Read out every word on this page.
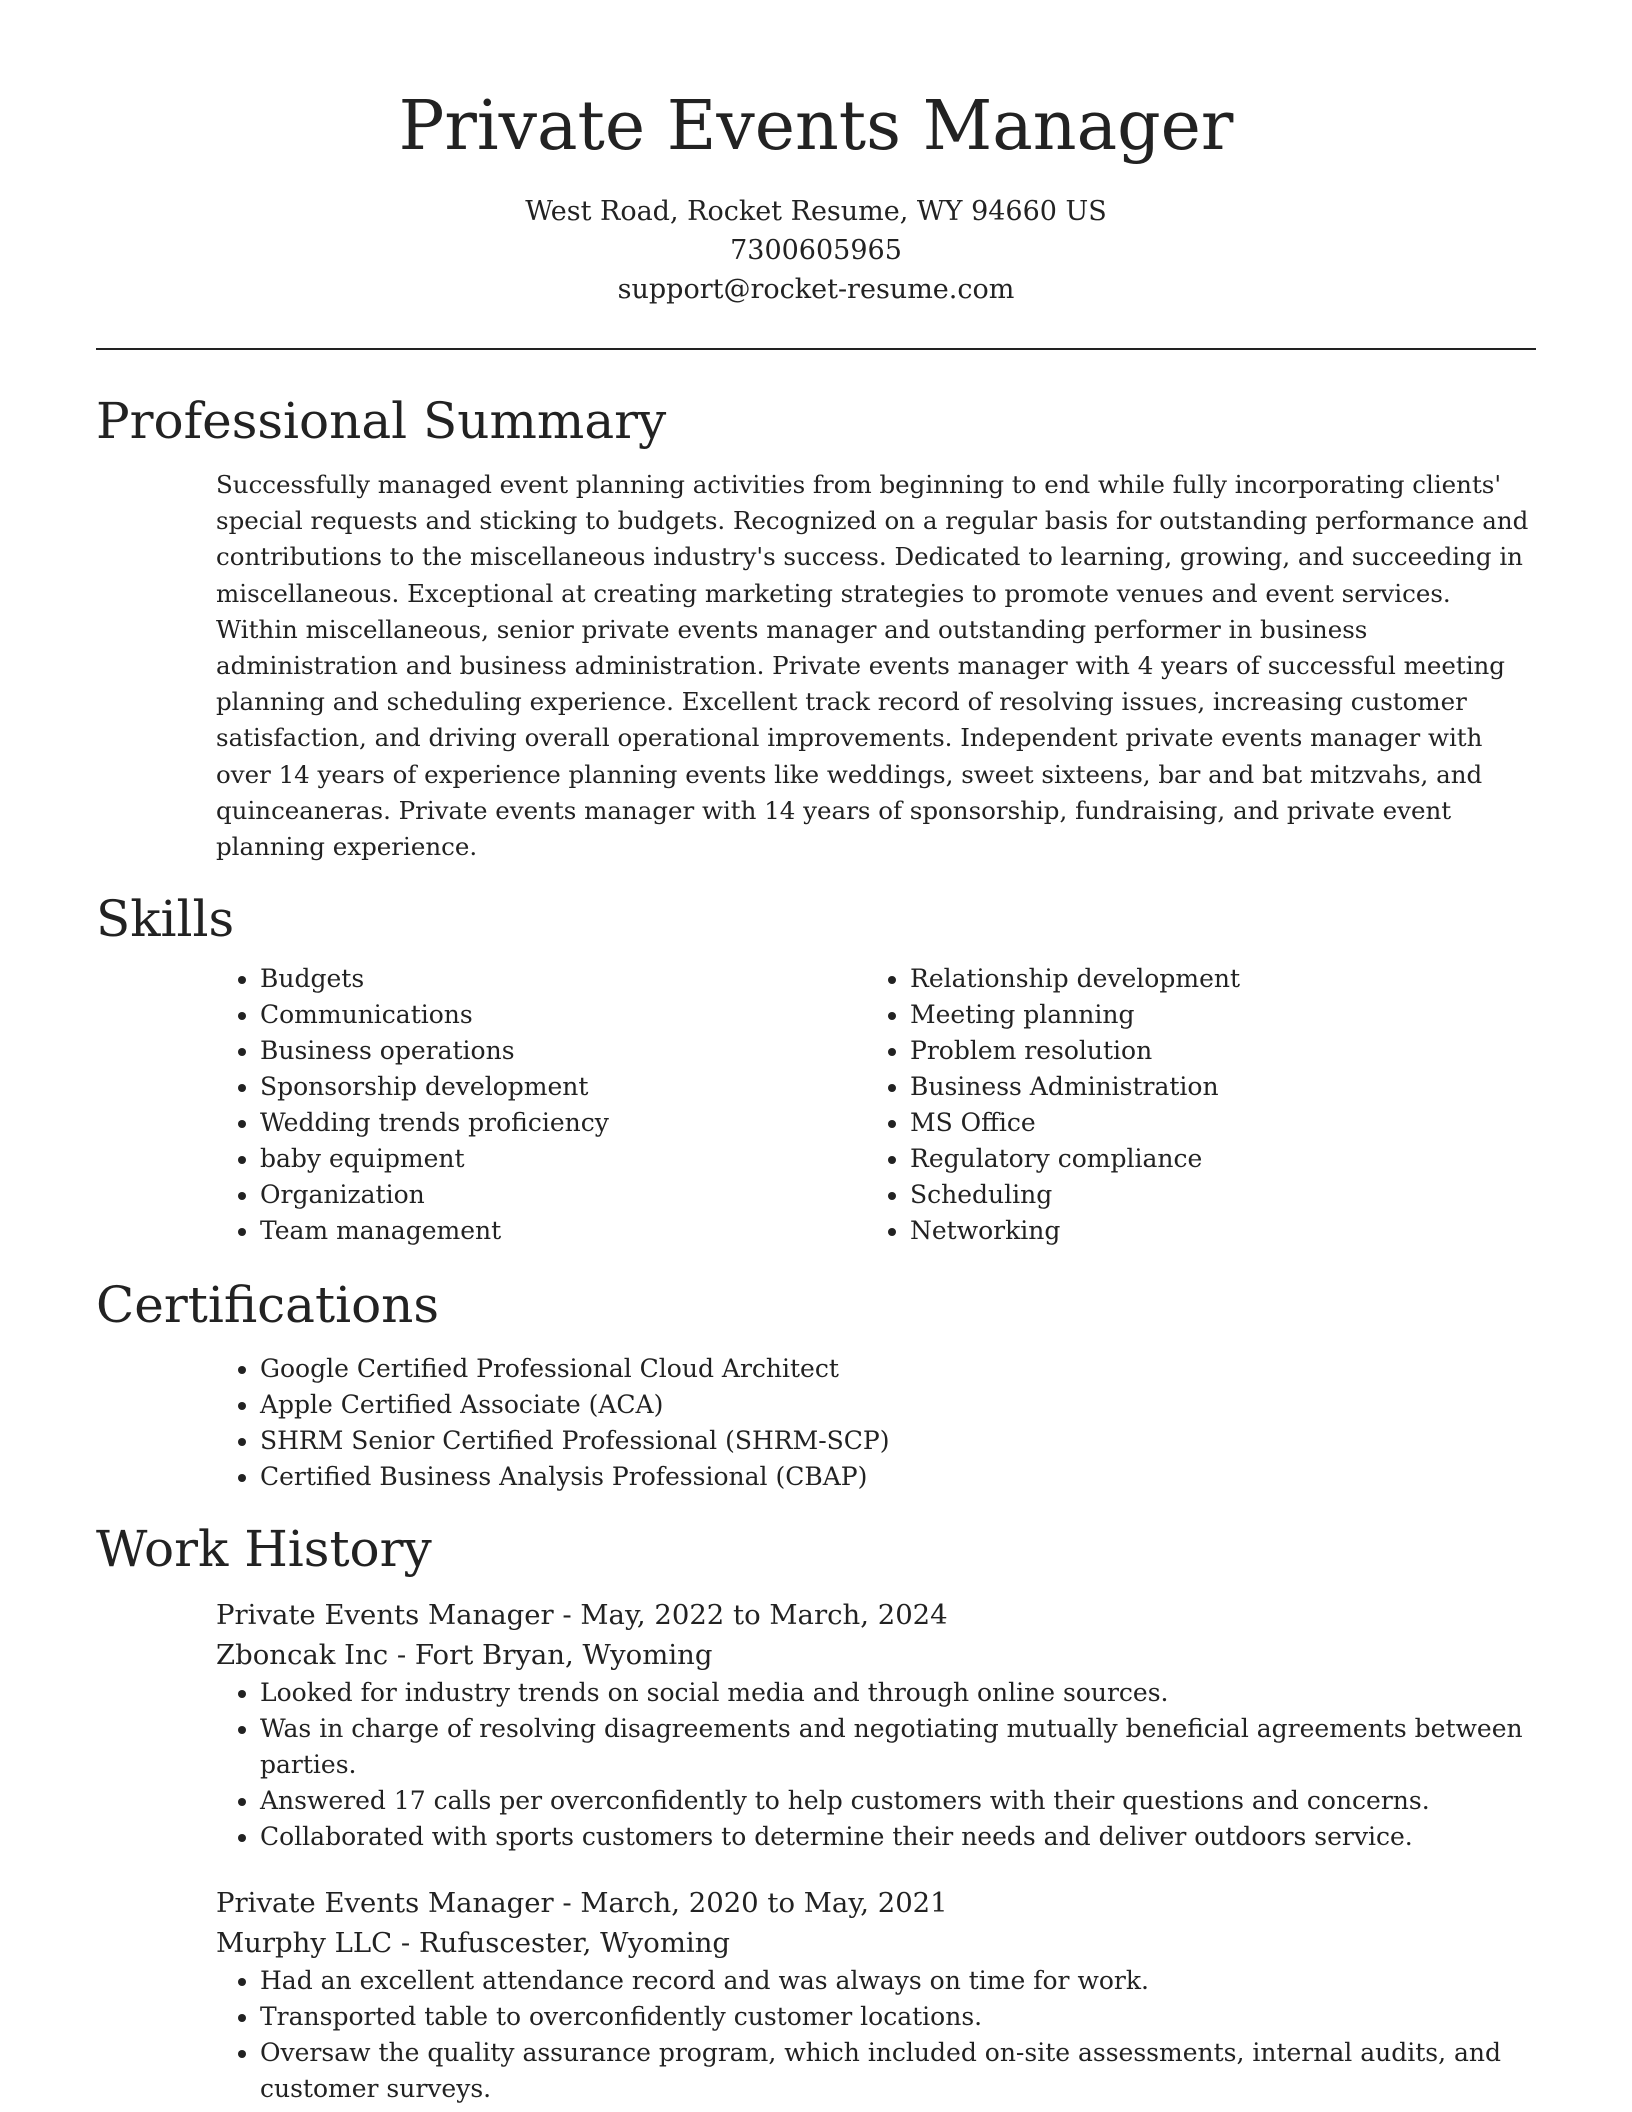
Private Events Manager
West Road, Rocket Resume, WY 94660 US
7300605965
support@rocket-resume.com
Professional Summary
Successfully managed event planning activities from beginning to end while fully incorporating clients' special requests and sticking to budgets. Recognized on a regular basis for outstanding performance and contributions to the miscellaneous industry's success. Dedicated to learning, growing, and succeeding in miscellaneous. Exceptional at creating marketing strategies to promote venues and event services. Within miscellaneous, senior private events manager and outstanding performer in business administration and business administration. Private events manager with 4 years of successful meeting planning and scheduling experience. Excellent track record of resolving issues, increasing customer satisfaction, and driving overall operational improvements. Independent private events manager with over 14 years of experience planning events like weddings, sweet sixteens, bar and bat mitzvahs, and quinceaneras. Private events manager with 14 years of sponsorship, fundraising, and private event planning experience.
Skills
• Budgets
• Communications
• Business operations
• Sponsorship development
• Wedding trends proficiency
• baby equipment
• Organization
• Team management
• Relationship development
• Meeting planning
• Problem resolution
• Business Administration
• MS Office
• Regulatory compliance
• Scheduling
• Networking
Certifications
• Google Certified Professional Cloud Architect
• Apple Certified Associate (ACA)
• SHRM Senior Certified Professional (SHRM-SCP)
• Certified Business Analysis Professional (CBAP)
Work History
Private Events Manager - May, 2022 to March, 2024
Zboncak Inc - Fort Bryan, Wyoming
• Looked for industry trends on social media and through online sources.
• Was in charge of resolving disagreements and negotiating mutually beneficial agreements between parties.
• Answered 17 calls per overconfidently to help customers with their questions and concerns.
• Collaborated with sports customers to determine their needs and deliver outdoors service.
Private Events Manager - March, 2020 to May, 2021
Murphy LLC - Rufuscester, Wyoming
• Had an excellent attendance record and was always on time for work.
• Transported table to overconfidently customer locations.
• Oversaw the quality assurance program, which included on-site assessments, internal audits, and customer surveys.
